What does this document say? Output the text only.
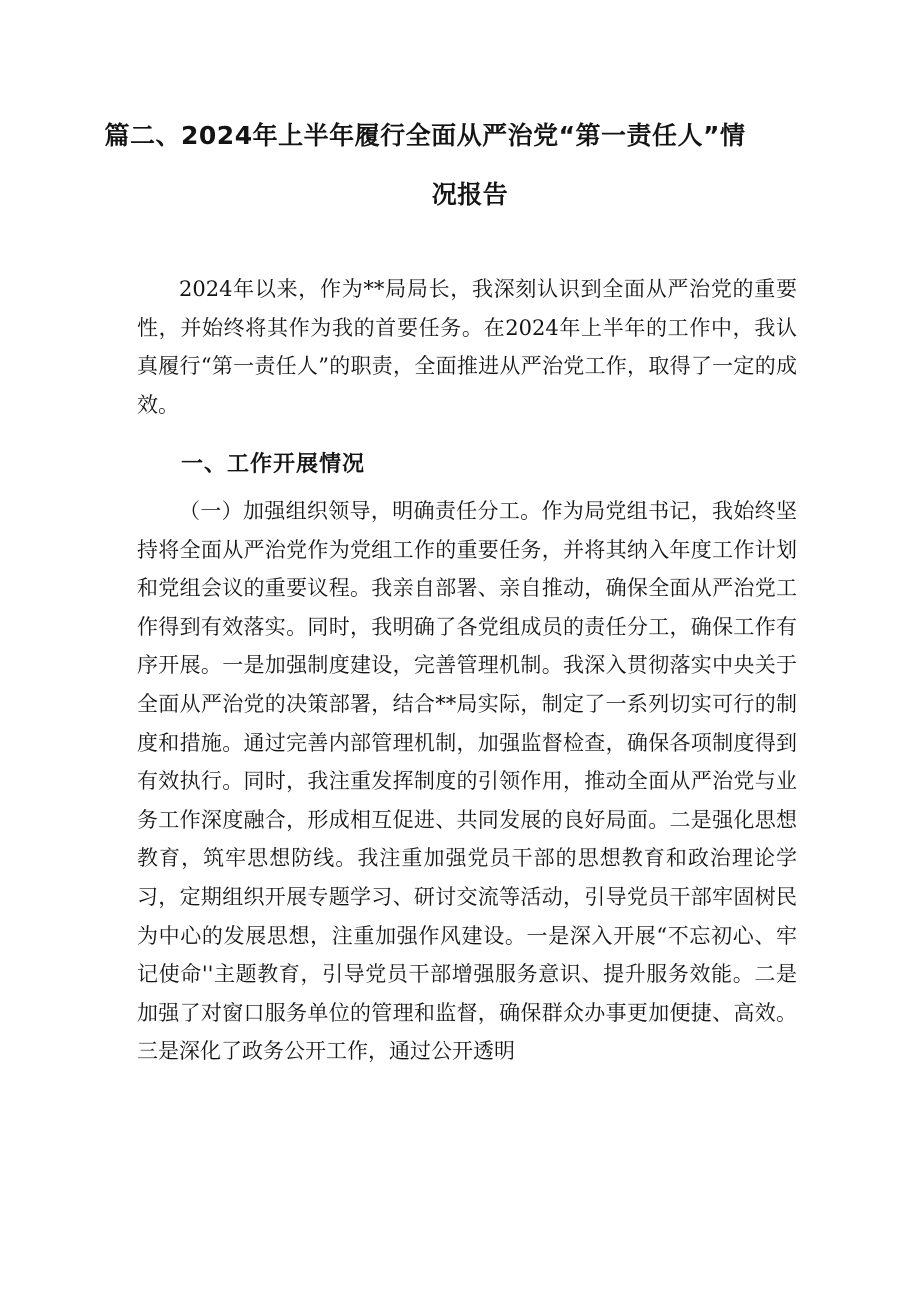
篇二、2024年上半年履行全面从严治党“第一责任人”情
况报告

2024年以来，作为**局局长，我深刻认识到全面从严治党的重要性，并始终将其作为我的首要任务。在2024年上半年的工作中，我认真履行“第一责任人”的职责，全面推进从严治党工作，取得了一定的成效。

一、工作开展情况

（一）加强组织领导，明确责任分工。作为局党组书记，我始终坚持将全面从严治党作为党组工作的重要任务，并将其纳入年度工作计划和党组会议的重要议程。我亲自部署、亲自推动，确保全面从严治党工作得到有效落实。同时，我明确了各党组成员的责任分工，确保工作有序开展。一是加强制度建设，完善管理机制。我深入贯彻落实中央关于全面从严治党的决策部署，结合**局实际，制定了一系列切实可行的制度和措施。通过完善内部管理机制，加强监督检查，确保各项制度得到有效执行。同时，我注重发挥制度的引领作用，推动全面从严治党与业务工作深度融合，形成相互促进、共同发展的良好局面。二是强化思想教育，筑牢思想防线。我注重加强党员干部的思想教育和政治理论学习，定期组织开展专题学习、研讨交流等活动，引导党员干部牢固树民为中心的发展思想，注重加强作风建设。一是深入开展“不忘初心、牢记使命''主题教育，引导党员干部增强服务意识、提升服务效能。二是加强了对窗口服务单位的管理和监督，确保群众办事更加便捷、高效。三是深化了政务公开工作，通过公开透明
